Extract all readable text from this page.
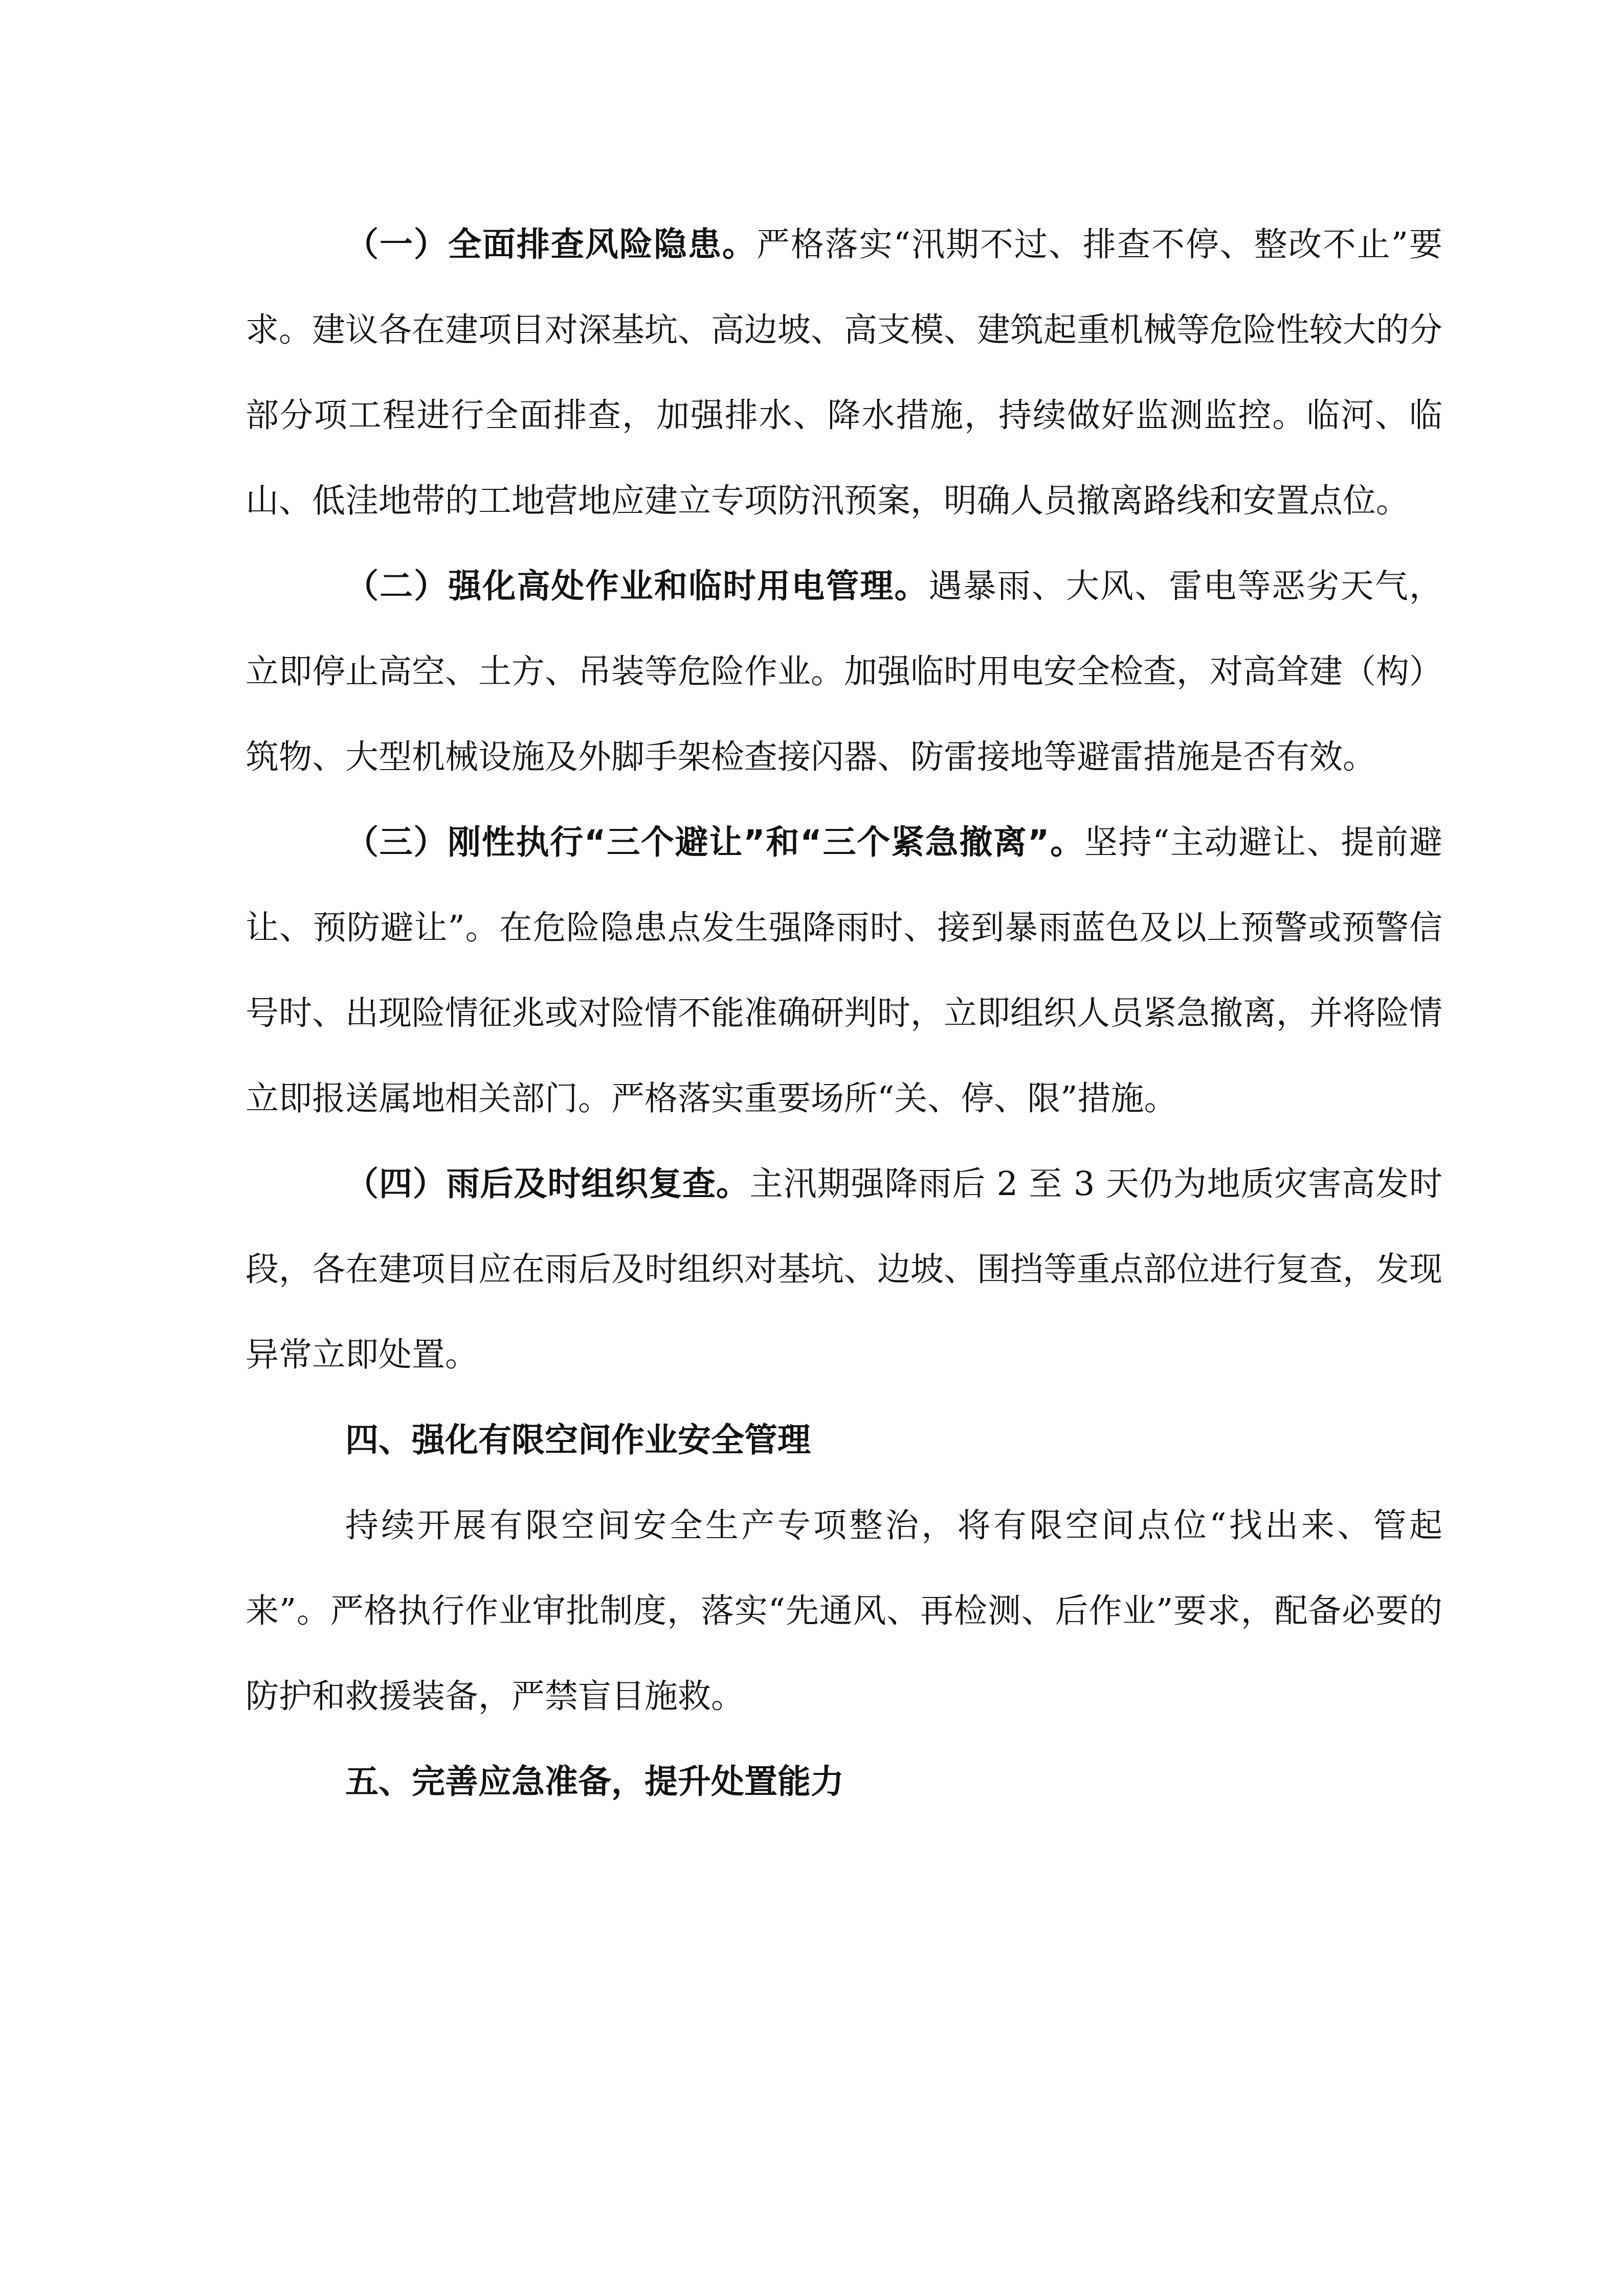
（一）全面排查风险隐患。严格落实“汛期不过、排查不停、整改不止”要求。建议各在建项目对深基坑、高边坡、高支模、建筑起重机械等危险性较大的分部分项工程进行全面排查，加强排水、降水措施，持续做好监测监控。临河、临山、低洼地带的工地营地应建立专项防汛预案，明确人员撤离路线和安置点位。

（二）强化高处作业和临时用电管理。遇暴雨、大风、雷电等恶劣天气，立即停止高空、土方、吊装等危险作业。加强临时用电安全检查，对高耸建（构）筑物、大型机械设施及外脚手架检查接闪器、防雷接地等避雷措施是否有效。

（三）刚性执行“三个避让”和“三个紧急撤离”。坚持“主动避让、提前避让、预防避让”。在危险隐患点发生强降雨时、接到暴雨蓝色及以上预警或预警信号时、出现险情征兆或对险情不能准确研判时，立即组织人员紧急撤离，并将险情立即报送属地相关部门。严格落实重要场所“关、停、限”措施。

（四）雨后及时组织复查。主汛期强降雨后 2 至 3 天仍为地质灾害高发时段，各在建项目应在雨后及时组织对基坑、边坡、围挡等重点部位进行复查，发现异常立即处置。

四、强化有限空间作业安全管理

持续开展有限空间安全生产专项整治，将有限空间点位“找出来、管起来”。严格执行作业审批制度，落实“先通风、再检测、后作业”要求，配备必要的防护和救援装备，严禁盲目施救。

五、完善应急准备，提升处置能力
